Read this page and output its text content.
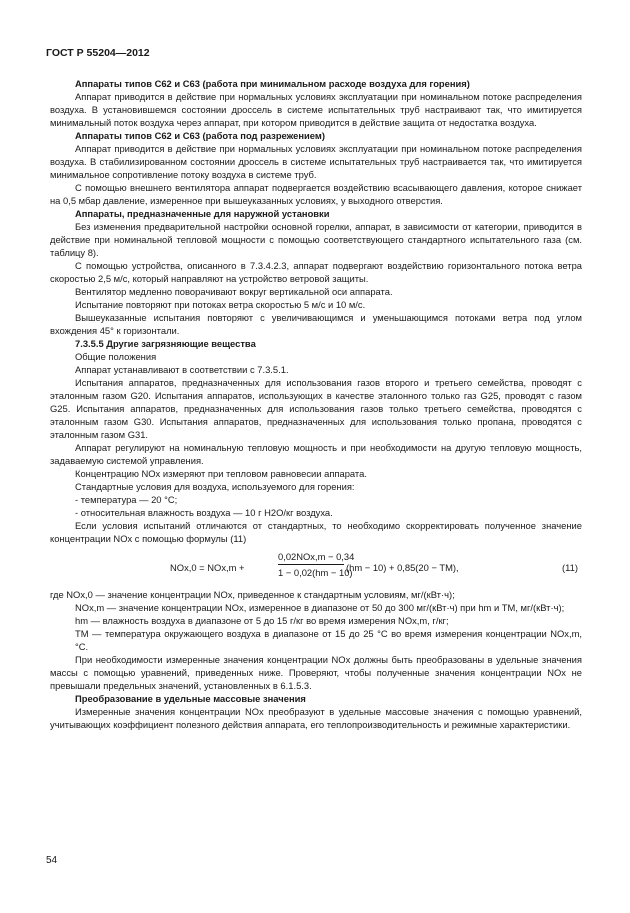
ГОСТ Р 55204—2012

Аппараты типов C62 и C63 (работа при минимальном расходе воздуха для горения)

Аппарат приводится в действие при нормальных условиях эксплуатации при номинальном потоке распределения воздуха. В установившемся состоянии дроссель в системе испытательных труб настраивают так, что имитируется минимальный поток воздуха через аппарат, при котором приводится в действие защита от недостатка воздуха.

Аппараты типов C62 и C63 (работа под разрежением)

Аппарат приводится в действие при нормальных условиях эксплуатации при номинальном потоке распределения воздуха. В стабилизированном состоянии дроссель в системе испытательных труб настраивается так, что имитируется минимальное сопротивление потоку воздуха в системе труб.

С помощью внешнего вентилятора аппарат подвергается воздействию всасывающего давления, которое снижает на 0,5 мбар давление, измеренное при вышеуказанных условиях, у выходного отверстия.

Аппараты, предназначенные для наружной установки

Без изменения предварительной настройки основной горелки, аппарат, в зависимости от категории, приводится в действие при номинальной тепловой мощности с помощью соответствующего стандартного испытательного газа (см. таблицу 8).

С помощью устройства, описанного в 7.3.4.2.3, аппарат подвергают воздействию горизонтального потока ветра скоростью 2,5 м/с, который направляют на устройство ветровой защиты.

Вентилятор медленно поворачивают вокруг вертикальной оси аппарата.

Испытание повторяют при потоках ветра скоростью 5 м/с и 10 м/с.

Вышеуказанные испытания повторяют с увеличивающимся и уменьшающимся потоками ветра под углом вхождения 45° к горизонтали.

7.3.5.5 Другие загрязняющие вещества

Общие положения

Аппарат устанавливают в соответствии с 7.3.5.1.

Испытания аппаратов, предназначенных для использования газов второго и третьего семейства, проводят с эталонным газом G20. Испытания аппаратов, использующих в качестве эталонного только газ G25, проводят с газом G25. Испытания аппаратов, предназначенных для использования газов только третьего семейства, проводятся с эталонным газом G30. Испытания аппаратов, предназначенных для использования только пропана, проводятся с эталонным газом G31.

Аппарат регулируют на номинальную тепловую мощность и при необходимости на другую тепловую мощность, задаваемую системой управления.

Концентрацию NOx измеряют при тепловом равновесии аппарата.

Стандартные условия для воздуха, используемого для горения:

- температура — 20 °С;

- относительная влажность воздуха — 10 г H2O/кг воздуха.

Если условия испытаний отличаются от стандартных, то необходимо скорректировать полученное значение концентрации NOx с помощью формулы (11)

NOx,0 = NOx,m +
0,02NOx,m − 0,34
1 − 0,02(hm − 10)
(hm − 10) + 0,85(20 − TM),	(11)

где NOx,0 — значение концентрации NOx, приведенное к стандартным условиям, мг/(кВт·ч);

NOx,m — значение концентрации NOx, измеренное в диапазоне от 50 до 300 мг/(кВт·ч) при hm и TM, мг/(кВт·ч);

hm — влажность воздуха в диапазоне от 5 до 15 г/кг во время измерения NOx,m, г/кг;

TM — температура окружающего воздуха в диапазоне от 15 до 25 °С во время измерения концентрации NOx,m, °С.

При необходимости измеренные значения концентрации NOx должны быть преобразованы в удельные значения массы с помощью уравнений, приведенных ниже. Проверяют, чтобы полученные значения концентрации NOx не превышали предельных значений, установленных в 6.1.5.3.

Преобразование в удельные массовые значения

Измеренные значения концентрации NOx преобразуют в удельные массовые значения с помощью уравнений, учитывающих коэффициент полезного действия аппарата, его теплопроизводительность и режимные характеристики.

54
